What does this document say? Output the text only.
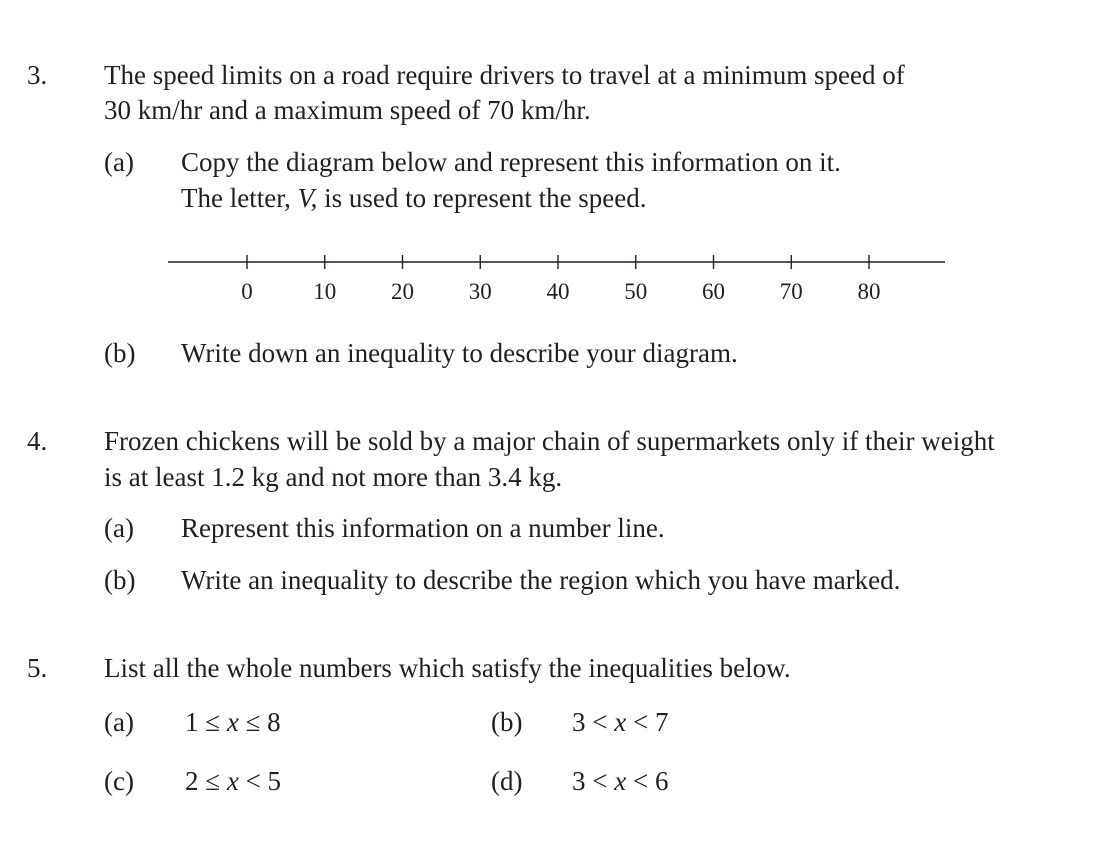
3. The speed limits on a road require drivers to travel at a minimum speed of
30 km/hr and a maximum speed of 70 km/hr.
(a) Copy the diagram below and represent this information on it.
The letter, V, is used to represent the speed.
0	10 20 30 40 50 60 70 80
(b) Write down an inequality to describe your diagram.
4. Frozen chickens will be sold by a major chain of supermarkets only if their weight
is at least 1.2 kg and not more than 3.4 kg.
(a) Represent this information on a number line.
(b) Write an inequality to describe the region which you have marked.
5. List all the whole numbers which satisfy the inequalities below.
(a) 1 ≤ x ≤ 8	(b) 3 < x < 7
(c) 2 ≤ x < 5	(d) 3 < x < 6
